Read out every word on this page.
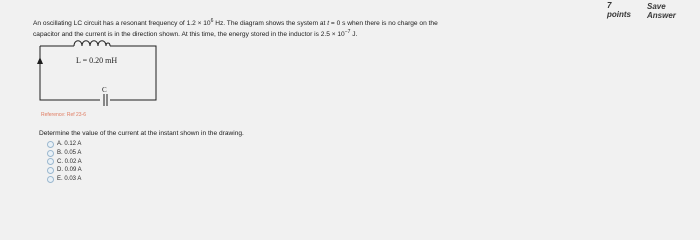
7 points
Save Answer
An oscillating LC circuit has a resonant frequency of $1.2 \times 10^6$ Hz. The diagram shows the system at t = 0 s when there is no charge on the
capacitor and the current is in the direction shown. At this time, the energy stored in the inductor is $2.5 \times 10^{-7}$ J.
L = 0.20 mH
C
Reference: Ref 23-6
Determine the value of the current at the instant shown in the drawing.
A. 0.12 A
B. 0.05 A
C. 0.02 A
D. 0.09 A
E. 0.03 A
